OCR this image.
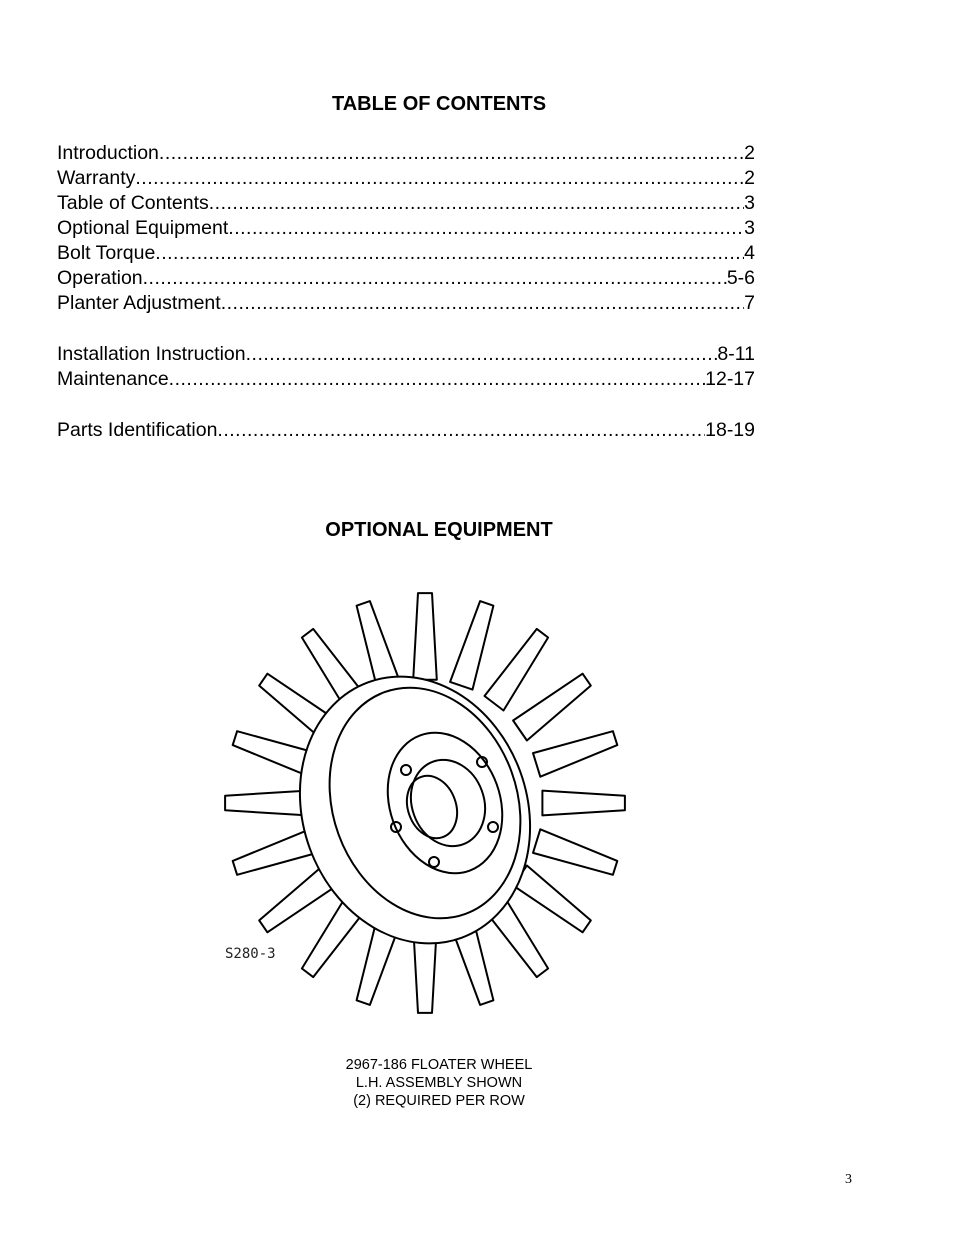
TABLE OF CONTENTS
Introduction .....	2
Warranty .....	2
Table of Contents .....	3
Optional Equipment .....	3
Bolt Torque .....	4
Operation .....	5-6
Planter Adjustment .....	7
Installation Instruction .....	8-11
Maintenance .....	12-17
Parts Identification .....	18-19
OPTIONAL EQUIPMENT
S280-3
2967-186 FLOATER WHEEL
L.H. ASSEMBLY SHOWN
(2) REQUIRED PER ROW
3
